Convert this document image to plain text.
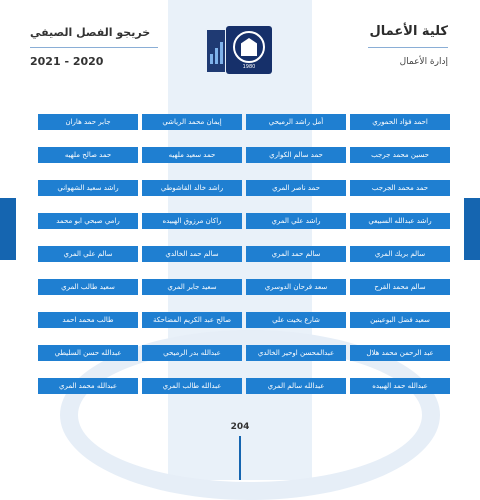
كلية الأعمال
إدارة الأعمال
خريجو الفصل الصيفي
2021 - 2020	1980
احمد فؤاد الحموري
أمل راشد الرميحي
إيمان محمد الرياشي
جابر حمد هاران
حسين محمد جرجب
حمد سالم الكواري
حمد سعيد ملهيه
حمد صالح ملهيه
حمد محمد الجرجب
حمد ناصر المري
راشد خالد القاشوطي
راشد سعيد الشهواني
راشد عبدالله السبيعي
راشد علي المري
راكان مرزوق الهبيده
رامي صبحي ابو محمد
سالم بريك المري
سالم حمد المري
سالم حمد الخالدي
سالم علي المري
سالم محمد القرح
سعد فرحان الدوسري
سعيد جابر المري
سعيد طالب المري
سعيد فضل البوعينين
شارع بخيت علي
صالح عبد الكريم المضاحكة
طالب محمد احمد
عبد الرحمن محمد هلال
عبدالمحسن اوحير الخالدي
عبدالله بدر الرميحي
عبدالله حسن السليطي
عبدالله حمد الهبيده
عبدالله سالم المري
عبدالله طالب المري
عبدالله محمد المري
204
